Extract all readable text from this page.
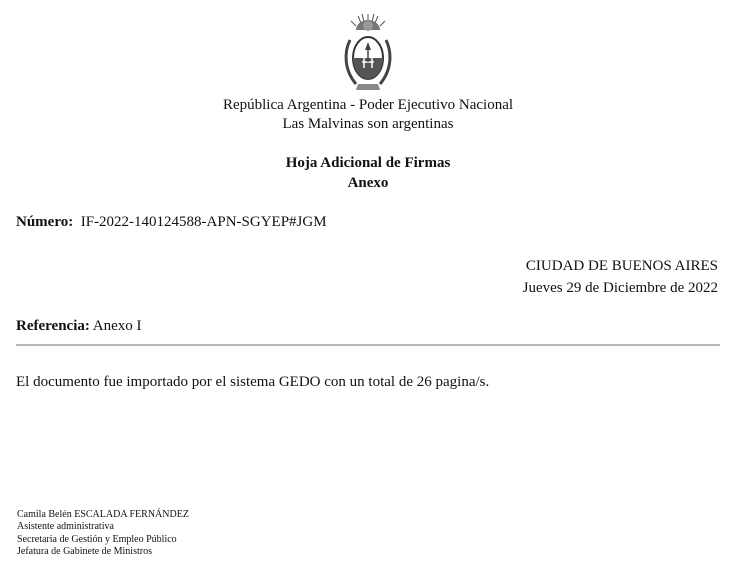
República Argentina - Poder Ejecutivo Nacional
Las Malvinas son argentinas
Hoja Adicional de Firmas
Anexo
Número: IF-2022-140124588-APN-SGYEP#JGM
CIUDAD DE BUENOS AIRES
Jueves 29 de Diciembre de 2022
Referencia: Anexo I
El documento fue importado por el sistema GEDO con un total de 26 pagina/s.
Camila Belén ESCALADA FERNÁNDEZ
Asistente administrativa
Secretaria de Gestión y Empleo Público
Jefatura de Gabinete de Ministros
